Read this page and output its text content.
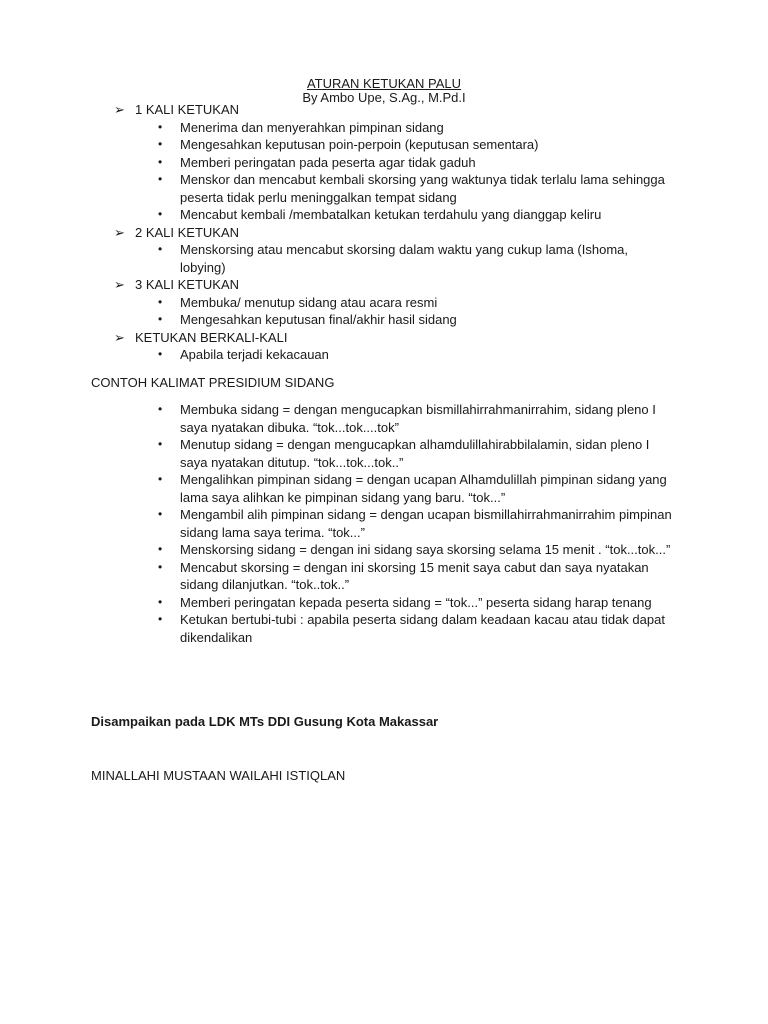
ATURAN KETUKAN PALU
By Ambo Upe, S.Ag., M.Pd.I
➢ 1 KALI KETUKAN
• Menerima dan menyerahkan pimpinan sidang
• Mengesahkan keputusan poin-perpoin (keputusan sementara)
• Memberi peringatan pada peserta agar tidak gaduh
• Menskor dan mencabut kembali skorsing yang waktunya tidak terlalu lama sehingga peserta tidak perlu meninggalkan tempat sidang
• Mencabut kembali /membatalkan ketukan terdahulu yang dianggap keliru
➢ 2 KALI KETUKAN
• Menskorsing atau mencabut skorsing dalam waktu yang cukup lama (Ishoma, lobying)
➢ 3 KALI KETUKAN
• Membuka/ menutup sidang atau acara resmi
• Mengesahkan keputusan final/akhir hasil sidang
➢ KETUKAN BERKALI-KALI
• Apabila terjadi kekacauan
CONTOH KALIMAT PRESIDIUM SIDANG
• Membuka sidang = dengan mengucapkan bismillahirrahmanirrahim, sidang pleno I saya nyatakan dibuka. “tok...tok....tok”
• Menutup sidang = dengan mengucapkan alhamdulillahirabbilalamin, sidan pleno I saya nyatakan ditutup. “tok...tok...tok..”
• Mengalihkan pimpinan sidang = dengan ucapan Alhamdulillah pimpinan sidang yang lama saya alihkan ke pimpinan sidang yang baru. “tok...”
• Mengambil alih pimpinan sidang = dengan ucapan bismillahirrahmanirrahim pimpinan sidang lama saya terima. “tok...”
• Menskorsing sidang = dengan ini sidang saya skorsing selama 15 menit . “tok...tok...”
• Mencabut skorsing = dengan ini skorsing 15 menit saya cabut dan saya nyatakan sidang dilanjutkan. “tok..tok..”
• Memberi peringatan kepada peserta sidang = “tok...” peserta sidang harap tenang
• Ketukan bertubi-tubi : apabila peserta sidang dalam keadaan kacau atau tidak dapat dikendalikan
Disampaikan pada LDK MTs DDI Gusung Kota Makassar
MINALLAHI MUSTAAN WAILAHI ISTIQLAN
